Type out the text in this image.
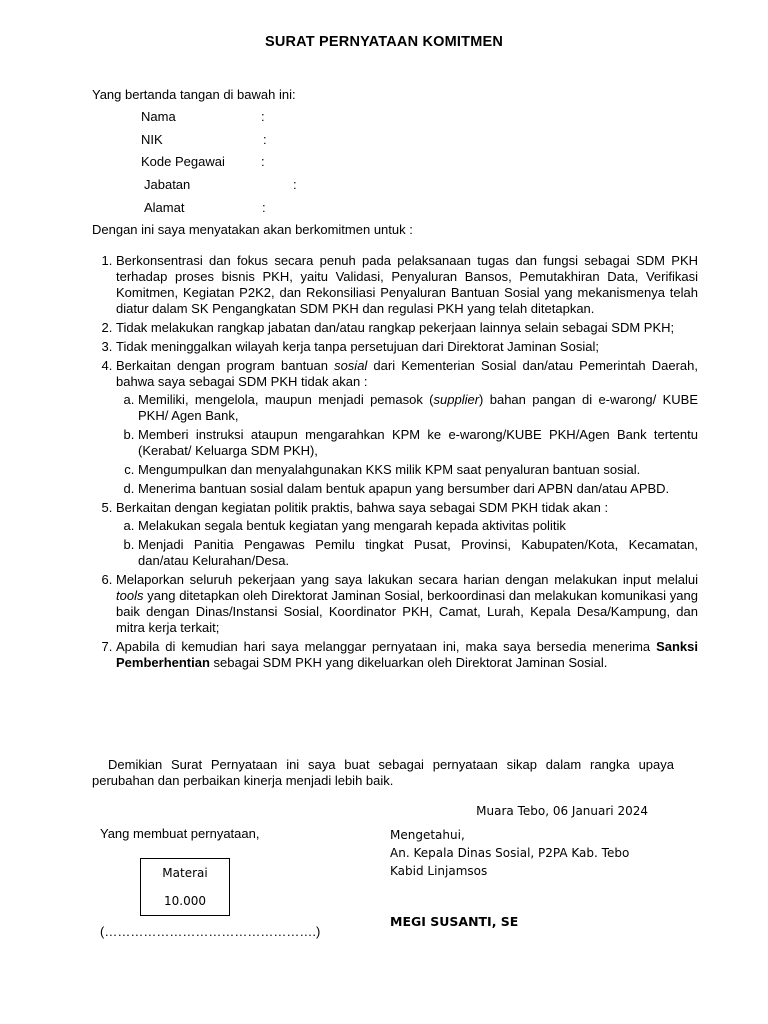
SURAT PERNYATAAN KOMITMEN
Yang bertanda tangan di bawah ini:
Nama	:
NIK	:
Kode Pegawai	:
Jabatan	:
Alamat	:
Dengan ini saya menyatakan akan berkomitmen untuk :
1. Berkonsentrasi dan fokus secara penuh pada pelaksanaan tugas dan fungsi sebagai SDM PKH terhadap proses bisnis PKH, yaitu Validasi, Penyaluran Bansos, Pemutakhiran Data, Verifikasi Komitmen, Kegiatan P2K2, dan Rekonsiliasi Penyaluran Bantuan Sosial yang mekanismenya telah diatur dalam SK Pengangkatan SDM PKH dan regulasi PKH yang telah ditetapkan.
2. Tidak melakukan rangkap jabatan dan/atau rangkap pekerjaan lainnya selain sebagai SDM PKH;
3. Tidak meninggalkan wilayah kerja tanpa persetujuan dari Direktorat Jaminan Sosial;
4. Berkaitan dengan program bantuan sosial dari Kementerian Sosial dan/atau Pemerintah Daerah, bahwa saya sebagai SDM PKH tidak akan :
a. Memiliki, mengelola, maupun menjadi pemasok (supplier) bahan pangan di e-warong/ KUBE PKH/ Agen Bank,
b. Memberi instruksi ataupun mengarahkan KPM ke e-warong/KUBE PKH/Agen Bank tertentu (Kerabat/ Keluarga SDM PKH),
c. Mengumpulkan dan menyalahgunakan KKS milik KPM saat penyaluran bantuan sosial.
d. Menerima bantuan sosial dalam bentuk apapun yang bersumber dari APBN dan/atau APBD.
5. Berkaitan dengan kegiatan politik praktis, bahwa saya sebagai SDM PKH tidak akan :
a. Melakukan segala bentuk kegiatan yang mengarah kepada aktivitas politik
b. Menjadi Panitia Pengawas Pemilu tingkat Pusat, Provinsi, Kabupaten/Kota, Kecamatan, dan/atau Kelurahan/Desa.
6. Melaporkan seluruh pekerjaan yang saya lakukan secara harian dengan melakukan input melalui tools yang ditetapkan oleh Direktorat Jaminan Sosial, berkoordinasi dan melakukan komunikasi yang baik dengan Dinas/Instansi Sosial, Koordinator PKH, Camat, Lurah, Kepala Desa/Kampung, dan mitra kerja terkait;
7. Apabila di kemudian hari saya melanggar pernyataan ini, maka saya bersedia menerima Sanksi Pemberhentian sebagai SDM PKH yang dikeluarkan oleh Direktorat Jaminan Sosial.
Demikian Surat Pernyataan ini saya buat sebagai pernyataan sikap dalam rangka upaya perubahan dan perbaikan kinerja menjadi lebih baik.
Muara Tebo, 06 Januari 2024
Yang membuat pernyataan,	Mengetahui,
An. Kepala Dinas Sosial, P2PA Kab. Tebo
Kabid Linjamsos
Materai
10.000
(………………………………………….)
MEGI SUSANTI, SE
